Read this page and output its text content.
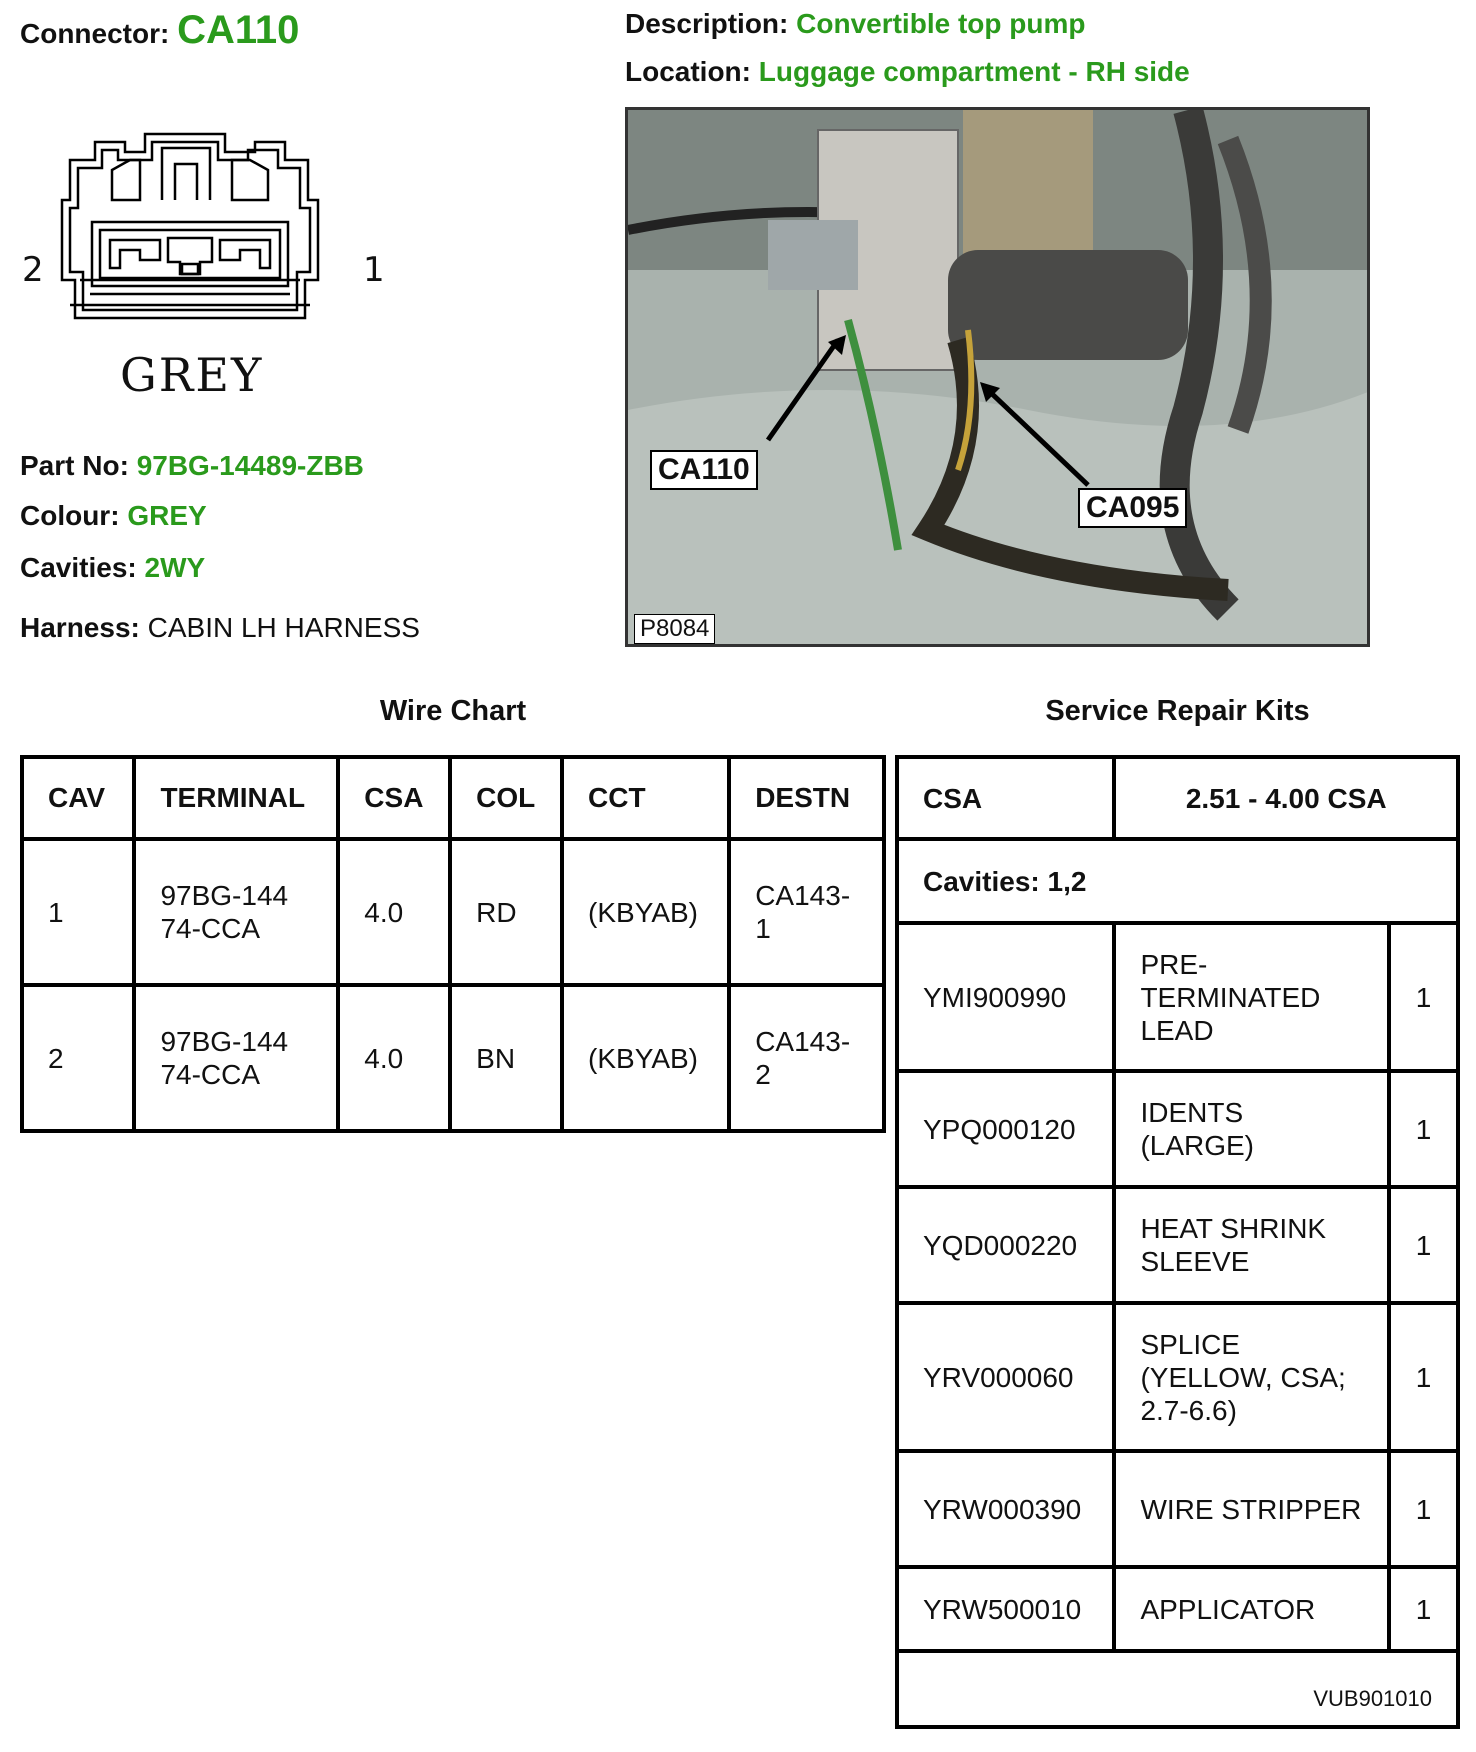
Connector: CA110	Description: Convertible top pump
Location: Luggage compartment - RH side
2	1
GREY
Part No: 97BG-14489-ZBB
Colour: GREY
Cavities: 2WY
Harness: CABIN LH HARNESS
CA110
CA095
P8084
Wire Chart	Service Repair Kits
CAV	TERMINAL	CSA	COL	CCT	DESTN
1	97BG-14474-CCA	4.0	RD	(KBYAB)	CA143-1
2	97BG-14474-CCA	4.0	BN	(KBYAB)	CA143-2
CSA	2.51 - 4.00 CSA	
Cavities: 1,2		
YMI900990	PRE-TERMINATED LEAD	1
YPQ000120	IDENTS (LARGE)	1
YQD000220	HEAT SHRINK SLEEVE	1
YRV000060	SPLICE (YELLOW, CSA; 2.7-6.6)	1
YRW000390	WIRE STRIPPER	1
YRW500010	APPLICATOR	1
VUB901010		
